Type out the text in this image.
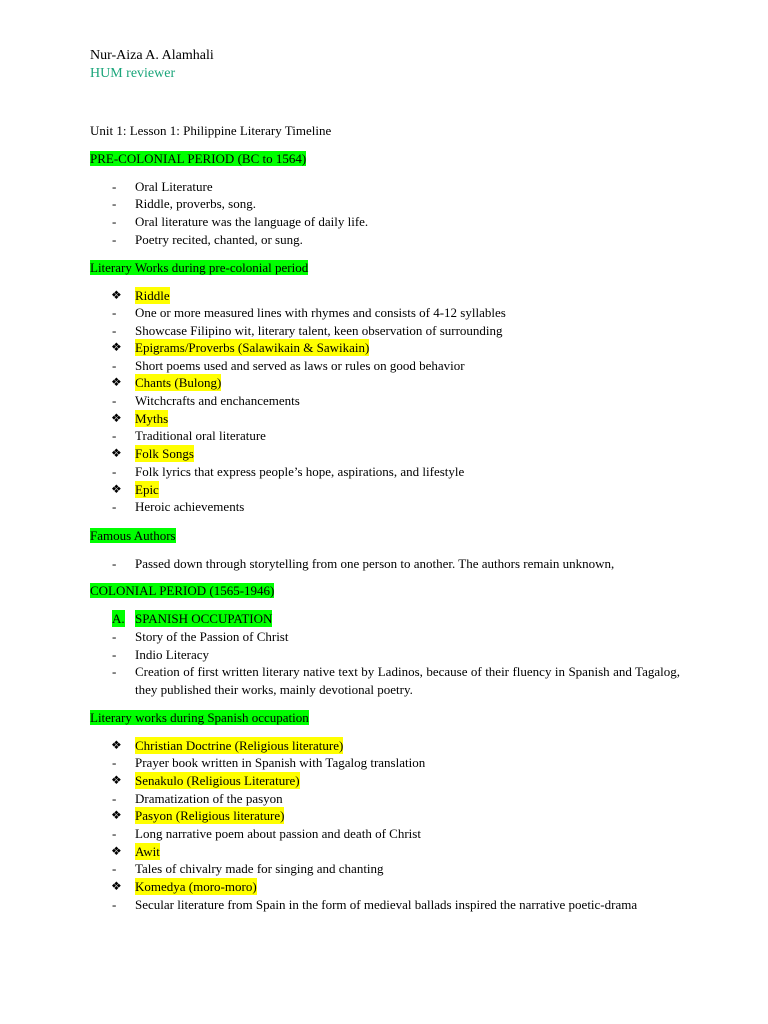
Nur-Aiza A. Alamhali
HUM reviewer
Unit 1: Lesson 1: Philippine Literary Timeline
PRE-COLONIAL PERIOD (BC to 1564)
- Oral Literature
- Riddle, proverbs, song.
- Oral literature was the language of daily life.
- Poetry recited, chanted, or sung.
Literary Works during pre-colonial period
❖ Riddle
- One or more measured lines with rhymes and consists of 4-12 syllables
- Showcase Filipino wit, literary talent, keen observation of surrounding
❖ Epigrams/Proverbs (Salawikain & Sawikain)
- Short poems used and served as laws or rules on good behavior
❖ Chants (Bulong)
- Witchcrafts and enchancements
❖ Myths
- Traditional oral literature
❖ Folk Songs
- Folk lyrics that express people’s hope, aspirations, and lifestyle
❖ Epic
- Heroic achievements
Famous Authors
- Passed down through storytelling from one person to another. The authors remain unknown,
COLONIAL PERIOD (1565-1946)
A. SPANISH OCCUPATION
- Story of the Passion of Christ
- Indio Literacy
- Creation of first written literary native text by Ladinos, because of their fluency in Spanish and Tagalog, they published their works, mainly devotional poetry.
Literary works during Spanish occupation
❖ Christian Doctrine (Religious literature)
- Prayer book written in Spanish with Tagalog translation
❖ Senakulo (Religious Literature)
- Dramatization of the pasyon
❖ Pasyon (Religious literature)
- Long narrative poem about passion and death of Christ
❖ Awit
- Tales of chivalry made for singing and chanting
❖ Komedya (moro-moro)
- Secular literature from Spain in the form of medieval ballads inspired the narrative poetic-drama
